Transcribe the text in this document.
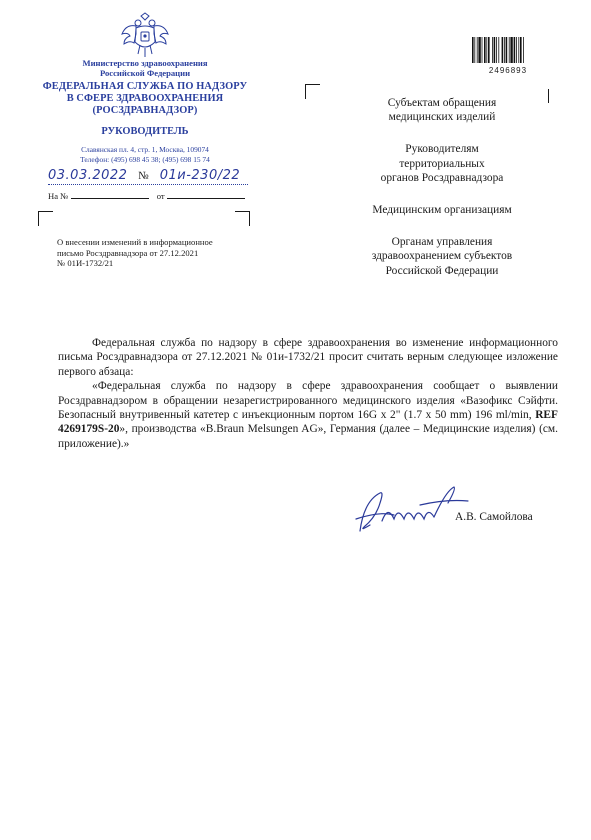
Министерство здравоохранения
Российской Федерации
ФЕДЕРАЛЬНАЯ СЛУЖБА ПО НАДЗОРУ
В СФЕРЕ ЗДРАВООХРАНЕНИЯ
(РОСЗДРАВНАДЗОР)
РУКОВОДИТЕЛЬ
Славянская пл. 4, стр. 1, Москва, 109074
Телефон: (495) 698 45 38; (495) 698 15 74
03.03.2022 № 01и-230/22
На №	от
О внесении изменений в информационное
письмо Росздравнадзора от 27.12.2021
№ 01И-1732/21
2496893
Субъектам обращения
медицинских изделий
Руководителям
территориальных
органов Росздравнадзора
Медицинским организациям
Органам управления
здравоохранением субъектов
Российской Федерации

Федеральная служба по надзору в сфере здравоохранения во изменение информационного письма Росздравнадзора от 27.12.2021 № 01и-1732/21 просит считать верным следующее изложение первого абзаца:

«Федеральная служба по надзору в сфере здравоохранения сообщает о выявлении Росздравнадзором в обращении незарегистрированного медицинского изделия «Вазофикс Сэйфти. Безопасный внутривенный катетер с инъекционным портом 16G x 2" (1.7 x 50 mm) 196 ml/min, REF 4269179S-20», производства «B.Braun Melsungen AG», Германия (далее – Медицинские изделия) (см. приложение).»

А.В. Самойлова
